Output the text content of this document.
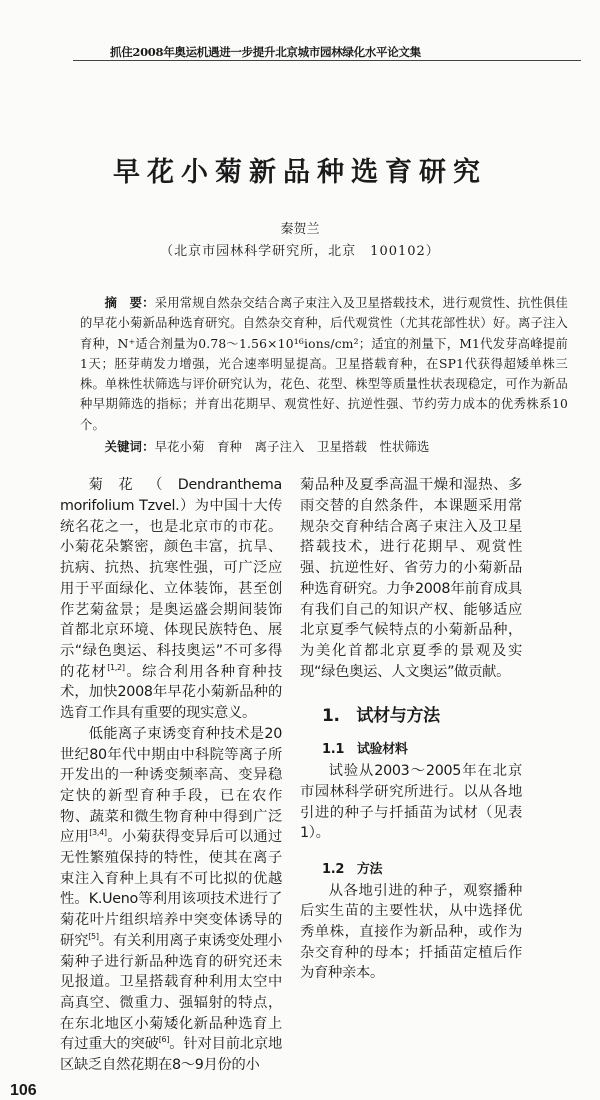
抓住2008年奥运机遇进一步提升北京城市园林绿化水平论文集
早花小菊新品种选育研究
秦贺兰
（北京市园林科学研究所，北京　100102）
摘　要：采用常规自然杂交结合离子束注入及卫星搭载技术，进行观赏性、抗性俱佳的早花小菊新品种选育研究。自然杂交育种，后代观赏性（尤其花部性状）好。离子注入育种，N⁺适合剂量为0.78～1.56×10¹⁶ions/cm²；适宜的剂量下，M1代发芽高峰提前1天；胚芽萌发力增强，光合速率明显提高。卫星搭载育种，在SP1代获得超矮单株三株。单株性状筛选与评价研究认为，花色、花型、株型等质量性状表现稳定，可作为新品种早期筛选的指标；并育出花期早、观赏性好、抗逆性强、节约劳力成本的优秀株系10个。
关键词：早花小菊　育种　离子注入　卫星搭载　性状筛选

菊花（Dendranthema morifolium Tzvel.）为中国十大传统名花之一，也是北京市的市花。小菊花朵繁密，颜色丰富，抗旱、抗病、抗热、抗寒性强，可广泛应用于平面绿化、立体装饰，甚至创作艺菊盆景；是奥运盛会期间装饰首都北京环境、体现民族特色、展示“绿色奥运、科技奥运”不可多得的花材[1,2]。综合利用各种育种技术，加快2008年早花小菊新品种的选育工作具有重要的现实意义。

低能离子束诱变育种技术是20世纪80年代中期由中科院等离子所开发出的一种诱变频率高、变异稳定快的新型育种手段，已在农作物、蔬菜和微生物育种中得到广泛应用[3,4]。小菊获得变异后可以通过无性繁殖保持的特性，使其在离子束注入育种上具有不可比拟的优越性。K.Ueno等利用该项技术进行了菊花叶片组织培养中突变体诱导的研究[5]。有关利用离子束诱变处理小菊种子进行新品种选育的研究还未见报道。卫星搭载育种利用太空中高真空、微重力、强辐射的特点，在东北地区小菊矮化新品种选育上有过重大的突破[6]。针对目前北京地区缺乏自然花期在8～9月份的小

菊品种及夏季高温干燥和湿热、多雨交替的自然条件，本课题采用常规杂交育种结合离子束注入及卫星搭载技术，进行花期早、观赏性强、抗逆性好、省劳力的小菊新品种选育研究。力争2008年前育成具有我们自己的知识产权、能够适应北京夏季气候特点的小菊新品种，为美化首都北京夏季的景观及实现“绿色奥运、人文奥运”做贡献。

1.　试材与方法

1.1　试验材料

试验从2003～2005年在北京市园林科学研究所进行。以从各地引进的种子与扦插苗为试材（见表1）。

1.2　方法

从各地引进的种子，观察播种后实生苗的主要性状，从中选择优秀单株，直接作为新品种，或作为杂交育种的母本；扦插苗定植后作为育种亲本。

106
